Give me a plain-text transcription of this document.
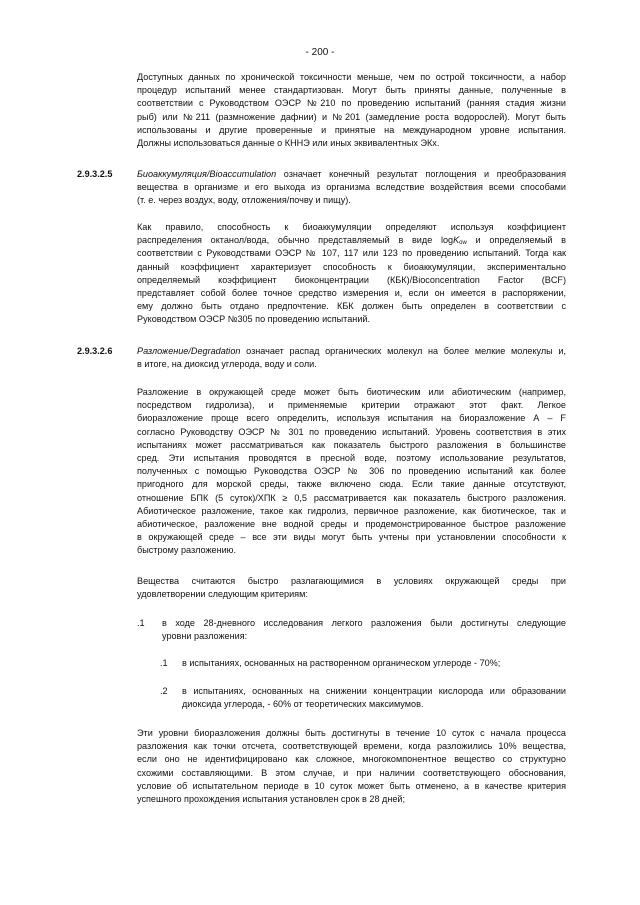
- 200 -
Доступных данных по хронической токсичности меньше, чем по острой токсичности, а набор
процедур испытаний менее стандартизован. Могут быть приняты данные, полученные в
соответствии с Руководством ОЭСР №210 по проведению испытаний (ранняя стадия жизни
рыб) или №211 (размножение дафнии) и №201 (замедление роста водорослей). Могут быть
использованы и другие проверенные и принятые на международном уровне испытания.
Должны использоваться данные о КННЭ или иных эквивалентных ЭКх.
2.9.3.2.5	Биоаккумуляция/Bioaccumulation означает конечный результат поглощения и преобразования
вещества в организме и его выхода из организма вследствие воздействия всеми способами
(т. е. через воздух, воду, отложения/почву и пищу).
Как правило, способность к биоаккумуляции определяют используя коэффициент
распределения октанол/вода, обычно представляемый в виде logK$_{ow}$ и определяемый в
соответствии с Руководствами ОЭСР № 107, 117 или 123 по проведению испытаний. Тогда как
данный коэффициент характеризует способность к биоаккумуляции, экспериментально
определяемый коэффициент биоконцентрации (КБК)/Bioconcentration Factor (BCF)
представляет собой более точное средство измерения и, если он имеется в распоряжении,
ему должно быть отдано предпочтение. КБК должен быть определен в соответствии с
Руководством ОЭСР №305 по проведению испытаний.
2.9.3.2.6	Разложение/Degradation означает распад органических молекул на более мелкие молекулы и,
в итоге, на диоксид углерода, воду и соли.
Разложение в окружающей среде может быть биотическим или абиотическим (например,
посредством гидролиза), и применяемые критерии отражают этот факт. Легкое
биоразложение проще всего определить, используя испытания на биоразложение А – F
согласно Руководству ОЭСР № 301 по проведению испытаний. Уровень соответствия в этих
испытаниях может рассматриваться как показатель быстрого разложения в большинстве
сред. Эти испытания проводятся в пресной воде, поэтому использование результатов,
полученных с помощью Руководства ОЭСР № 306 по проведению испытаний как более
пригодного для морской среды, также включено сюда. Если такие данные отсутствуют,
отношение БПК (5 суток)/ХПК ≥ 0,5 рассматривается как показатель быстрого разложения.
Абиотическое разложение, такое как гидролиз, первичное разложение, как биотическое, так и
абиотическое, разложение вне водной среды и продемонстрированное быстрое разложение
в окружающей среде – все эти виды могут быть учтены при установлении способности к
быстрому разложению.
Вещества считаются быстро разлагающимися в условиях окружающей среды при
удовлетворении следующим критериям:
.1 в ходе 28-дневного исследования легкого разложения были достигнуты следующие
уровни разложения:
.1 в испытаниях, основанных на растворенном органическом углероде - 70%;
.2 в испытаниях, основанных на снижении концентрации кислорода или образовании
диоксида углерода, - 60% от теоретических максимумов.
Эти уровни биоразложения должны быть достигнуты в течение 10 суток с начала процесса
разложения как точки отсчета, соответствующей времени, когда разложились 10% вещества,
если оно не идентифицировано как сложное, многокомпонентное вещество со структурно
схожими составляющими. В этом случае, и при наличии соответствующего обоснования,
условие об испытательном периоде в 10 суток может быть отменено, а в качестве критерия
успешного прохождения испытания установлен срок в 28 дней;
